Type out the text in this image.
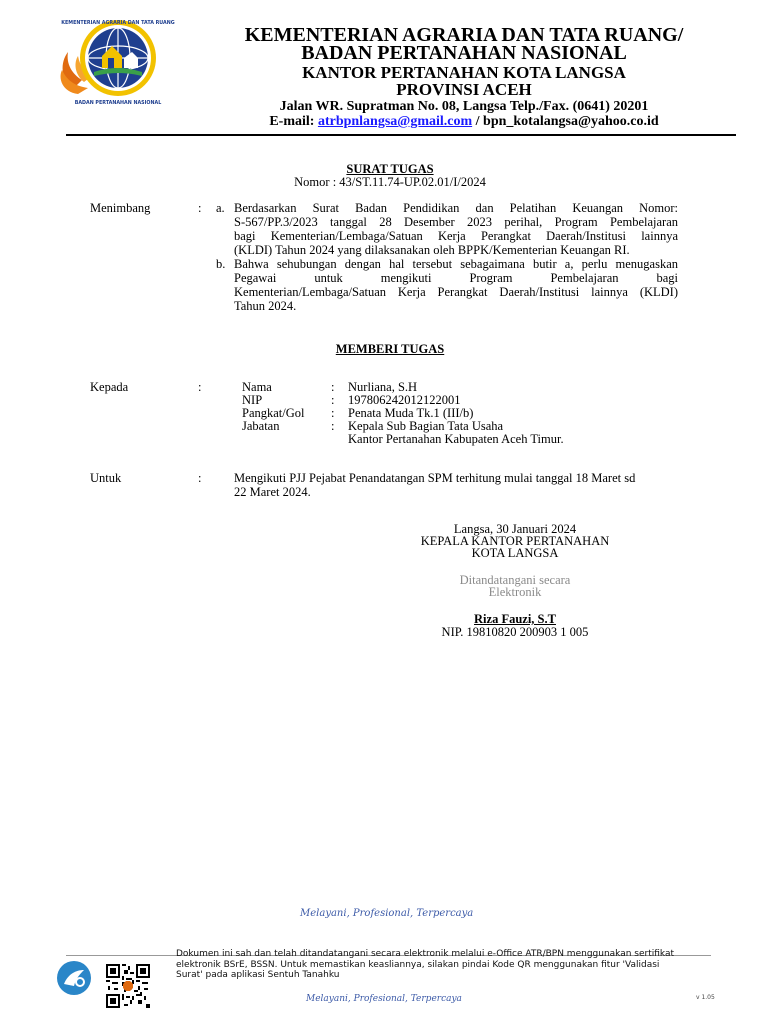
KEMENTERIAN AGRARIA DAN TATA RUANG
BADAN PERTANAHAN NASIONAL
KEMENTERIAN AGRARIA DAN TATA RUANG/
BADAN PERTANAHAN NASIONAL
KANTOR PERTANAHAN KOTA LANGSA
PROVINSI ACEH
Jalan WR. Supratman No. 08, Langsa Telp./Fax. (0641) 20201
E-mail: atrbpnlangsa@gmail.com / bpn_kotalangsa@yahoo.co.id
SURAT TUGAS
Nomor : 43/ST.11.74-UP.02.01/I/2024
Menimbang	: a. Berdasarkan Surat Badan Pendidikan dan Pelatihan Keuangan Nomor:
S-567/PP.3/2023 tanggal 28 Desember 2023 perihal, Program Pembelajaran
bagi Kementerian/Lembaga/Satuan Kerja Perangkat Daerah/Institusi lainnya
(KLDI) Tahun 2024 yang dilaksanakan oleh BPPK/Kementerian Keuangan RI.
b. Bahwa sehubungan dengan hal tersebut sebagaimana butir a, perlu menugaskan
Pegawai untuk mengikuti Program Pembelajaran bagi
Kementerian/Lembaga/Satuan Kerja Perangkat Daerah/Institusi lainnya (KLDI)
Tahun 2024.
MEMBERI TUGAS
Kepada	:	Nama	: Nurliana, S.H
NIP	: 197806242012122001
Pangkat/Gol : Penata Muda Tk.1 (III/b)
Jabatan	: Kepala Sub Bagian Tata Usaha
Kantor Pertanahan Kabupaten Aceh Timur.
Untuk	:	Mengikuti PJJ Pejabat Penandatangan SPM terhitung mulai tanggal 18 Maret sd
22 Maret 2024.
Langsa, 30 Januari 2024
KEPALA KANTOR PERTANAHAN
KOTA LANGSA
Ditandatangani secara
Elektronik
Riza Fauzi, S.T
NIP. 19810820 200903 1 005
Melayani, Profesional, Terpercaya
Dokumen ini sah dan telah ditandatangani secara elektronik melalui e-Office ATR/BPN menggunakan sertifikat
elektronik BSrE, BSSN. Untuk memastikan keasliannya, silakan pindai Kode QR menggunakan fitur 'Validasi
Surat' pada aplikasi Sentuh Tanahku
Melayani, Profesional, Terpercaya	v 1.05
